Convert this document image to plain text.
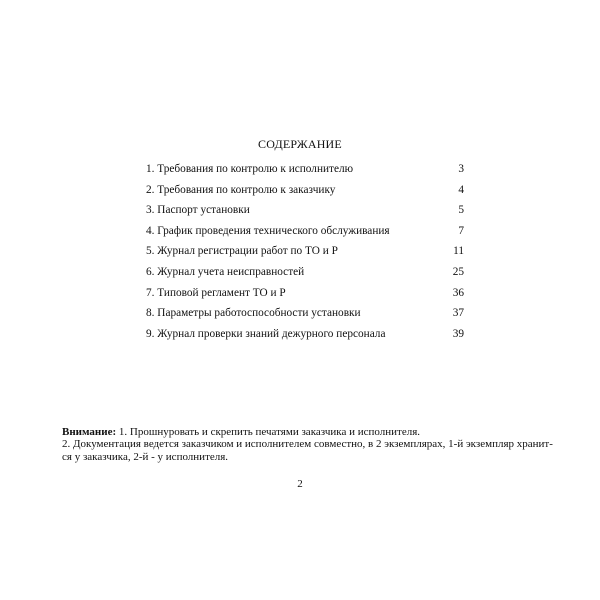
СОДЕРЖАНИЕ
1. Требования по контролю к исполнителю	3
2. Требования по контролю к заказчику	4
3. Паспорт установки	5
4. График проведения технического обслуживания	7
5. Журнал регистрации работ по ТО и Р	11
6. Журнал учета неисправностей	25
7. Типовой регламент ТО и Р	36
8. Параметры работоспособности установки	37
9. Журнал проверки знаний дежурного персонала	39

Внимание: 1. Прошнуровать и скрепить печатями заказчика и исполнителя.
2. Документация ведется заказчиком и исполнителем совместно, в 2 экземплярах, 1-й экземпляр хранит-
ся у заказчика, 2-й - у исполнителя.

2
